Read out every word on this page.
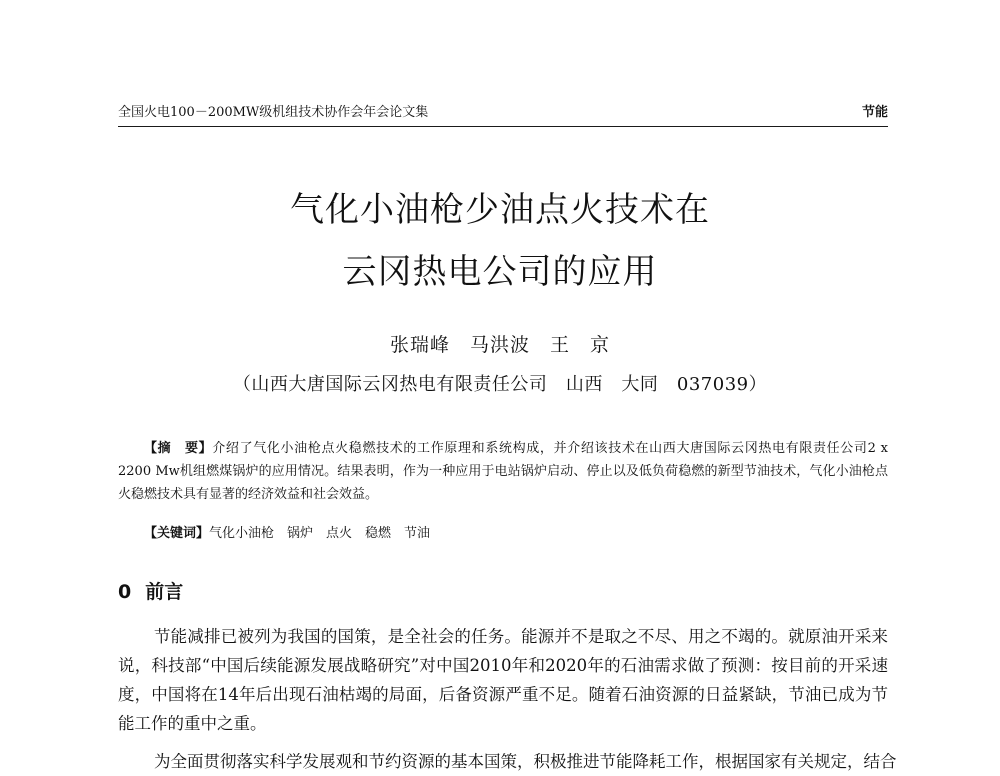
全国火电100－200MW级机组技术协作会年会论文集	节能
气化小油枪少油点火技术在
云冈热电公司的应用
张瑞峰　马洪波　王　京
（山西大唐国际云冈热电有限责任公司　山西　大同　037039）

【摘　要】介绍了气化小油枪点火稳燃技术的工作原理和系统构成，并介绍该技术在山西大唐国际云冈热电有限责任公司2 x 2200 Mw机组燃煤锅炉的应用情况。结果表明，作为一种应用于电站锅炉启动、停止以及低负荷稳燃的新型节油技术，气化小油枪点火稳燃技术具有显著的经济效益和社会效益。

【关键词】气化小油枪　锅炉　点火　稳燃　节油
0 前言

节能减排已被列为我国的国策，是全社会的任务。能源并不是取之不尽、用之不竭的。就原油开采来说，科技部“中国后续能源发展战略研究”对中国2010年和2020年的石油需求做了预测：按目前的开采速度，中国将在14年后出现石油枯竭的局面，后备资源严重不足。随着石油资源的日益紧缺，节油已成为节能工作的重中之重。

为全面贯彻落实科学发展观和节约资源的基本国策，积极推进节能降耗工作，根据国家有关规定，结合
